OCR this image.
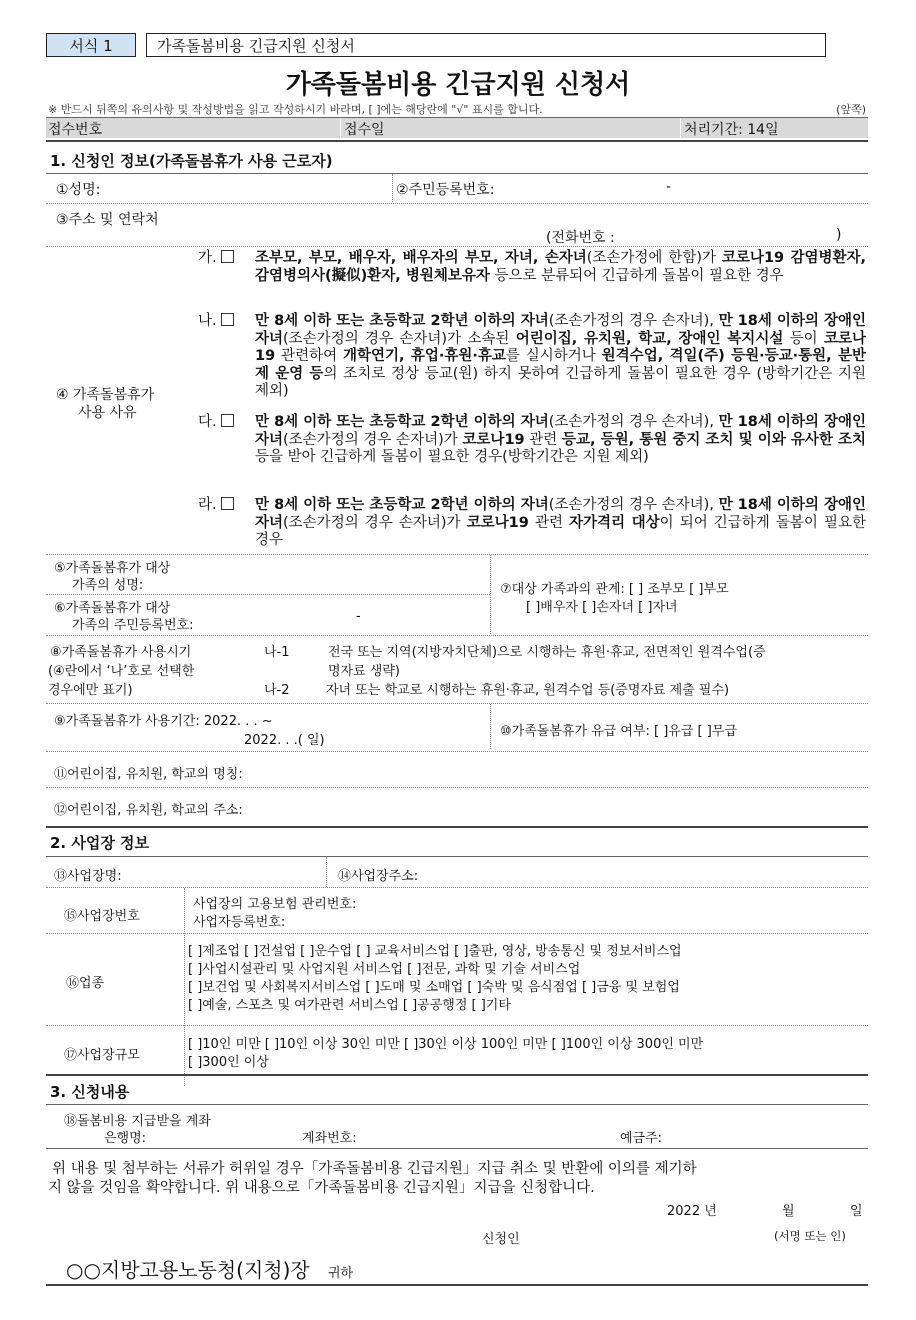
서식 1	가족돌봄비용 긴급지원 신청서
가족돌봄비용 긴급지원 신청서
※ 반드시 뒤쪽의 유의사항 및 작성방법을 읽고 작성하시기 바라며, [ ]에는 해당란에 "√" 표시를 합니다.	(앞쪽)
접수번호	접수일	처리기간: 14일
1. 신청인 정보(가족돌봄휴가 사용 근로자)
①성명:	②주민등록번호:	-
③주소 및 연락처
(전화번호 :	)
④ 가족돌봄휴가
사용 사유
가.	조부모, 부모, 배우자, 배우자의 부모, 자녀, 손자녀(조손가정에 한함)가 코로나19 감염병환자, 감염병의사(擬似)환자, 병원체보유자 등으로 분류되어 긴급하게 돌봄이 필요한 경우
나.	만 8세 이하 또는 초등학교 2학년 이하의 자녀(조손가정의 경우 손자녀), 만 18세 이하의 장애인 자녀(조손가정의 경우 손자녀)가 소속된 어린이집, 유치원, 학교, 장애인 복지시설 등이 코로나19 관련하여 개학연기, 휴업·휴원·휴교를 실시하거나 원격수업, 격일(주) 등원·등교·통원, 분반제 운영 등의 조치로 정상 등교(원) 하지 못하여 긴급하게 돌봄이 필요한 경우 (방학기간은 지원 제외)
다.	만 8세 이하 또는 초등학교 2학년 이하의 자녀(조손가정의 경우 손자녀), 만 18세 이하의 장애인 자녀(조손가정의 경우 손자녀)가 코로나19 관련 등교, 등원, 통원 중지 조치 및 이와 유사한 조치 등을 받아 긴급하게 돌봄이 필요한 경우(방학기간은 지원 제외)
라.	만 8세 이하 또는 초등학교 2학년 이하의 자녀(조손가정의 경우 손자녀), 만 18세 이하의 장애인 자녀(조손가정의 경우 손자녀)가 코로나19 관련 자가격리 대상이 되어 긴급하게 돌봄이 필요한 경우
⑤가족돌봄휴가 대상
가족의 성명:
⑥가족돌봄휴가 대상
가족의 주민등록번호:
-
⑦대상 가족과의 관계: [ ] 조부모 [ ]부모
[ ]배우자 [ ]손자녀 [ ]자녀
⑧가족돌봄휴가 사용시기
(④란에서 ‘나’호로 선택한
경우에만 표기)
나-1	전국 또는 지역(지방자치단체)으로 시행하는 휴원·휴교, 전면적인 원격수업(증
명자료 생략)
나-2	자녀 또는 학교로 시행하는 휴원·휴교, 원격수업 등(증명자료 제출 필수)
⑨가족돌봄휴가 사용기간: 2022. . . ~
2022. . .( 일)
⑩가족돌봄휴가 유급 여부: [ ]유급 [ ]무급
⑪어린이집, 유치원, 학교의 명칭:
⑫어린이집, 유치원, 학교의 주소:
2. 사업장 정보
⑬사업장명:	⑭사업장주소:
⑮사업장번호
사업장의 고용보험 관리번호:
사업자등록번호:
⑯업종
[ ]제조업 [ ]건설업 [ ]운수업 [ ] 교육서비스업 [ ]출판, 영상, 방송통신 및 정보서비스업
[ ]사업시설관리 및 사업지원 서비스업 [ ]전문, 과학 및 기술 서비스업
[ ]보건업 및 사회복지서비스업 [ ]도매 및 소매업 [ ]숙박 및 음식점업 [ ]금융 및 보험업
[ ]예술, 스포츠 및 여가관련 서비스업 [ ]공공행정 [ ]기타
⑰사업장규모
[ ]10인 미만 [ ]10인 이상 30인 미만 [ ]30인 이상 100인 미만 [ ]100인 이상 300인 미만
[ ]300인 이상
3. 신청내용
⑱돌봄비용 지급받을 계좌
은행명:	계좌번호:	예금주:
위 내용 및 첨부하는 서류가 허위일 경우「가족돌봄비용 긴급지원」지급 취소 및 반환에 이의를 제기하
지 않을 것임을 확약합니다. 위 내용으로「가족돌봄비용 긴급지원」지급을 신청합니다.
2022 년	월	일
신청인	(서명 또는 인)
○○지방고용노동청(지청)장 귀하
